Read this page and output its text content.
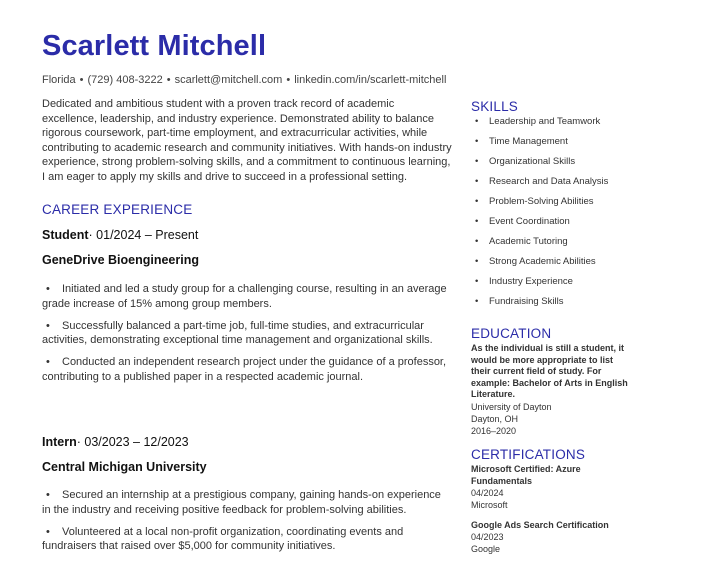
Scarlett Mitchell
Florida • (729) 408-3222 • scarlett@mitchell.com • linkedin.com/in/scarlett-mitchell
Dedicated and ambitious student with a proven track record of academic excellence, leadership, and industry experience. Demonstrated ability to balance rigorous coursework, part-time employment, and extracurricular activities, while contributing to academic research and community initiatives. With hands-on industry experience, strong problem-solving skills, and a commitment to continuous learning, I am eager to apply my skills and drive to succeed in a professional setting.
CAREER EXPERIENCE
Student· 01/2024 – Present
GeneDrive Bioengineering
• Initiated and led a study group for a challenging course, resulting in an average grade increase of 15% among group members.
• Successfully balanced a part-time job, full-time studies, and extracurricular activities, demonstrating exceptional time management and organizational skills.
• Conducted an independent research project under the guidance of a professor, contributing to a published paper in a respected academic journal.
Intern· 03/2023 – 12/2023
Central Michigan University
• Secured an internship at a prestigious company, gaining hands-on experience in the industry and receiving positive feedback for problem-solving abilities.
• Volunteered at a local non-profit organization, coordinating events and fundraisers that raised over $5,000 for community initiatives.
SKILLS
• Leadership and Teamwork
• Time Management
• Organizational Skills
• Research and Data Analysis
• Problem-Solving Abilities
• Event Coordination
• Academic Tutoring
• Strong Academic Abilities
• Industry Experience
• Fundraising Skills
EDUCATION
As the individual is still a student, it would be more appropriate to list their current field of study. For example: Bachelor of Arts in English Literature.
University of Dayton
Dayton, OH
2016–2020
CERTIFICATIONS
Microsoft Certified: Azure Fundamentals
04/2024
Microsoft
Google Ads Search Certification
04/2023
Google
